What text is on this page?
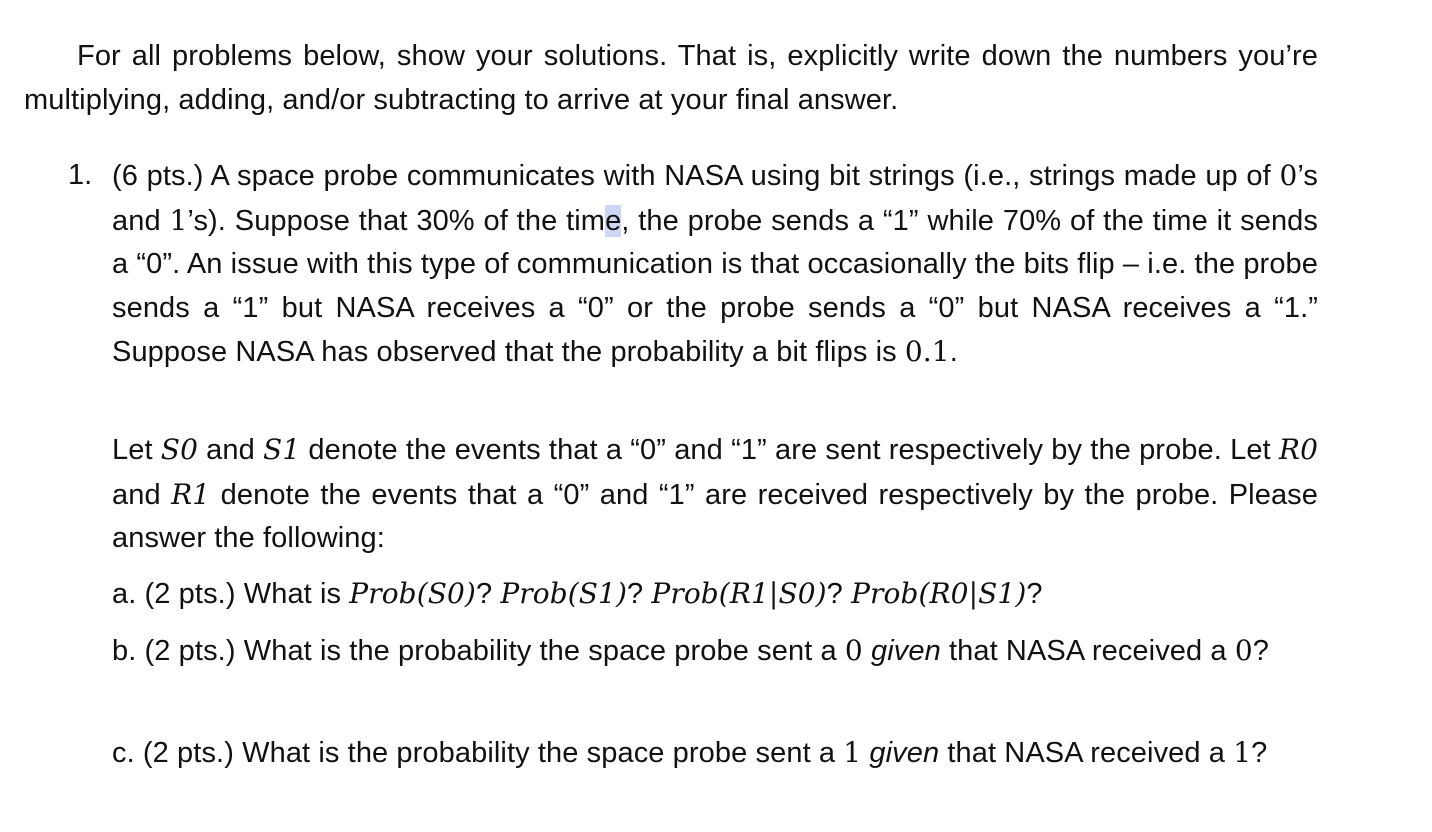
For all problems below, show your solutions. That is, explicitly write down the numbers you’re multiplying, adding, and/or subtracting to arrive at your final answer.

1. (6 pts.) A space probe communicates with NASA using bit strings (i.e., strings made up of 0’s and 1’s). Suppose that 30% of the time, the probe sends a “1” while 70% of the time it sends a “0”. An issue with this type of communication is that occasionally the bits flip – i.e. the probe sends a “1” but NASA receives a “0” or the probe sends a “0” but NASA receives a “1.” Suppose NASA has observed that the probability a bit flips is 0.1.

Let S0 and S1 denote the events that a “0” and “1” are sent respectively by the probe. Let R0 and R1 denote the events that a “0” and “1” are received respectively by the probe. Please answer the following:

a. (2 pts.) What is Prob(S0)? Prob(S1)? Prob(R1|S0)? Prob(R0|S1)?

b. (2 pts.) What is the probability the space probe sent a 0 given that NASA received a 0?

c. (2 pts.) What is the probability the space probe sent a 1 given that NASA received a 1?
